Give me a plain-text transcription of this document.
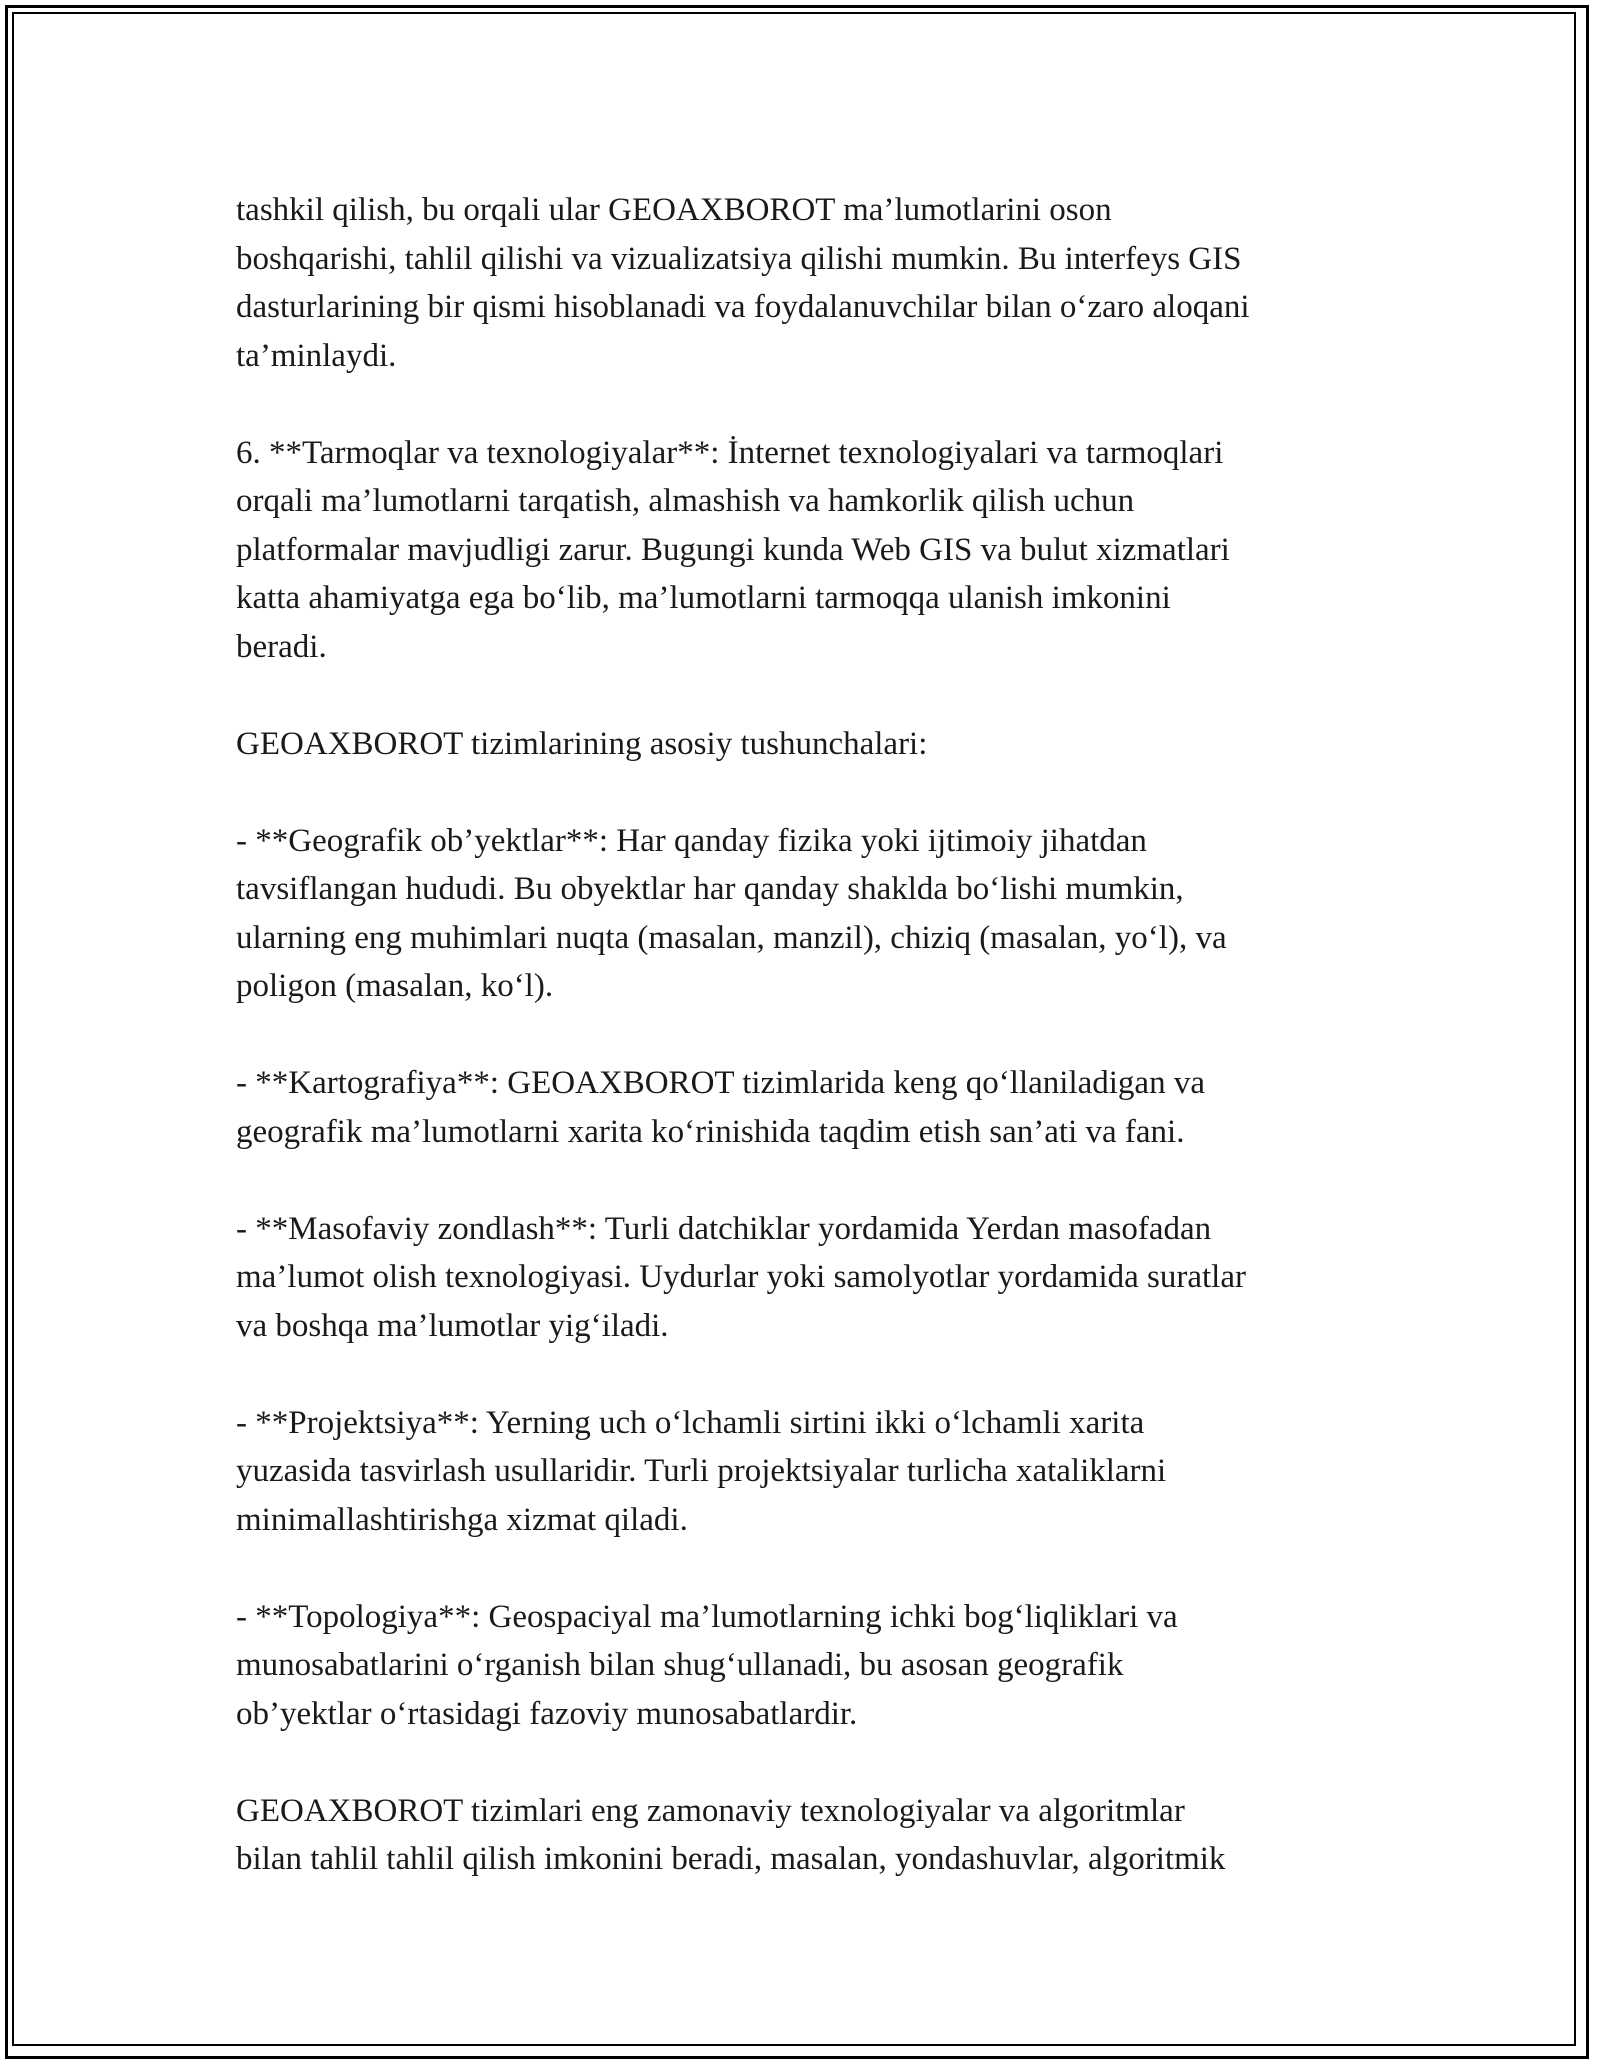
tashkil qilish, bu orqali ular GEOAXBOROT ma’lumotlarini oson
boshqarishi, tahlil qilishi va vizualizatsiya qilishi mumkin. Bu interfeys GIS
dasturlarining bir qismi hisoblanadi va foydalanuvchilar bilan o‘zaro aloqani
ta’minlaydi.
6. **Tarmoqlar va texnologiyalar**: İnternet texnologiyalari va tarmoqlari
orqali ma’lumotlarni tarqatish, almashish va hamkorlik qilish uchun
platformalar mavjudligi zarur. Bugungi kunda Web GIS va bulut xizmatlari
katta ahamiyatga ega bo‘lib, ma’lumotlarni tarmoqqa ulanish imkonini
beradi.
GEOAXBOROT tizimlarining asosiy tushunchalari:
- **Geografik ob’yektlar**: Har qanday fizika yoki ijtimoiy jihatdan
tavsiflangan hududi. Bu obyektlar har qanday shaklda bo‘lishi mumkin,
ularning eng muhimlari nuqta (masalan, manzil), chiziq (masalan, yo‘l), va
poligon (masalan, ko‘l).
- **Kartografiya**: GEOAXBOROT tizimlarida keng qo‘llaniladigan va
geografik ma’lumotlarni xarita ko‘rinishida taqdim etish san’ati va fani.
- **Masofaviy zondlash**: Turli datchiklar yordamida Yerdan masofadan
ma’lumot olish texnologiyasi. Uydurlar yoki samolyotlar yordamida suratlar
va boshqa ma’lumotlar yig‘iladi.
- **Projektsiya**: Yerning uch o‘lchamli sirtini ikki o‘lchamli xarita
yuzasida tasvirlash usullaridir. Turli projektsiyalar turlicha xataliklarni
minimallashtirishga xizmat qiladi.
- **Topologiya**: Geospaciyal ma’lumotlarning ichki bog‘liqliklari va
munosabatlarini o‘rganish bilan shug‘ullanadi, bu asosan geografik
ob’yektlar o‘rtasidagi fazoviy munosabatlardir.
GEOAXBOROT tizimlari eng zamonaviy texnologiyalar va algoritmlar
bilan tahlil tahlil qilish imkonini beradi, masalan, yondashuvlar, algoritmik
